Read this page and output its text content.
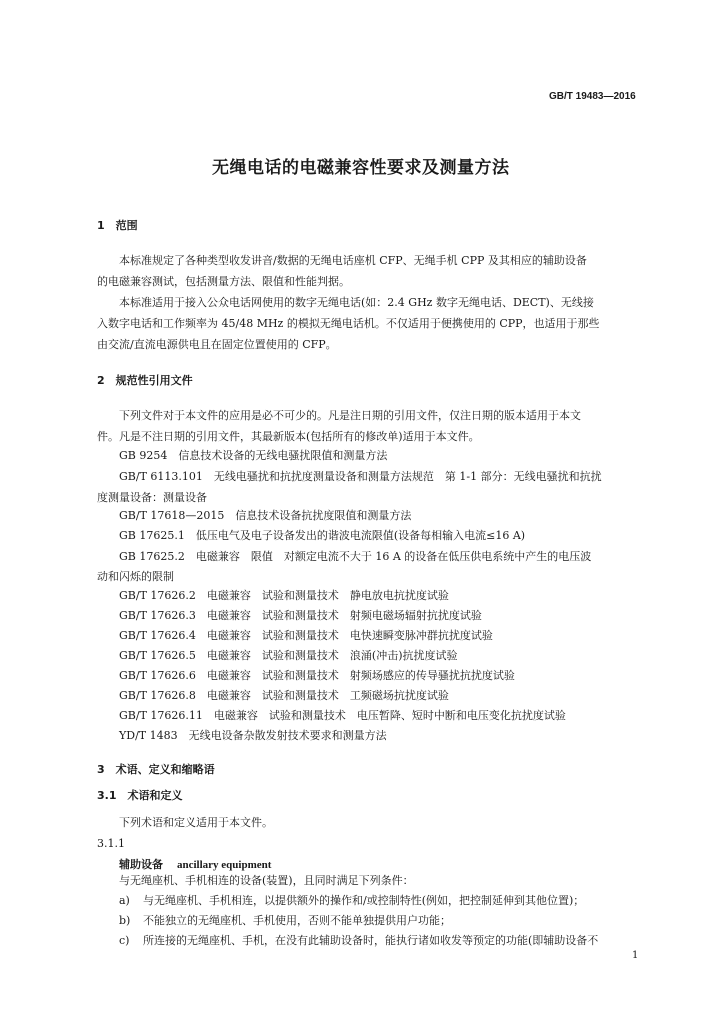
GB/T 19483—2016
无绳电话的电磁兼容性要求及测量方法
1　范围
本标准规定了各种类型收发讲音/数据的无绳电话座机 CFP、无绳手机 CPP 及其相应的辅助设备
的电磁兼容测试，包括测量方法、限值和性能判据。
本标准适用于接入公众电话网使用的数字无绳电话(如：2.4 GHz 数字无绳电话、DECT)、无线接
入数字电话和工作频率为 45/48 MHz 的模拟无绳电话机。不仅适用于便携使用的 CPP，也适用于那些
由交流/直流电源供电且在固定位置使用的 CFP。
2　规范性引用文件
下列文件对于本文件的应用是必不可少的。凡是注日期的引用文件，仅注日期的版本适用于本文
件。凡是不注日期的引用文件，其最新版本(包括所有的修改单)适用于本文件。
GB 9254　信息技术设备的无线电骚扰限值和测量方法
GB/T 6113.101　无线电骚扰和抗扰度测量设备和测量方法规范　第 1-1 部分：无线电骚扰和抗扰
度测量设备：测量设备
GB/T 17618—2015　信息技术设备抗扰度限值和测量方法
GB 17625.1　低压电气及电子设备发出的谐波电流限值(设备每相输入电流≤16 A)
GB 17625.2　电磁兼容　限值　对额定电流不大于 16 A 的设备在低压供电系统中产生的电压波
动和闪烁的限制
GB/T 17626.2　电磁兼容　试验和测量技术　静电放电抗扰度试验
GB/T 17626.3　电磁兼容　试验和测量技术　射频电磁场辐射抗扰度试验
GB/T 17626.4　电磁兼容　试验和测量技术　电快速瞬变脉冲群抗扰度试验
GB/T 17626.5　电磁兼容　试验和测量技术　浪涌(冲击)抗扰度试验
GB/T 17626.6　电磁兼容　试验和测量技术　射频场感应的传导骚扰抗扰度试验
GB/T 17626.8　电磁兼容　试验和测量技术　工频磁场抗扰度试验
GB/T 17626.11　电磁兼容　试验和测量技术　电压暂降、短时中断和电压变化抗扰度试验
YD/T 1483　无线电设备杂散发射技术要求和测量方法
3　术语、定义和缩略语
3.1　术语和定义
下列术语和定义适用于本文件。
3.1.1
辅助设备 ancillary equipment
与无绳座机、手机相连的设备(装置)，且同时满足下列条件：
a) 与无绳座机、手机相连，以提供额外的操作和/或控制特性(例如，把控制延伸到其他位置)；
b) 不能独立的无绳座机、手机使用，否则不能单独提供用户功能；
c) 所连接的无绳座机、手机，在没有此辅助设备时，能执行诸如收发等预定的功能(即辅助设备不
1
